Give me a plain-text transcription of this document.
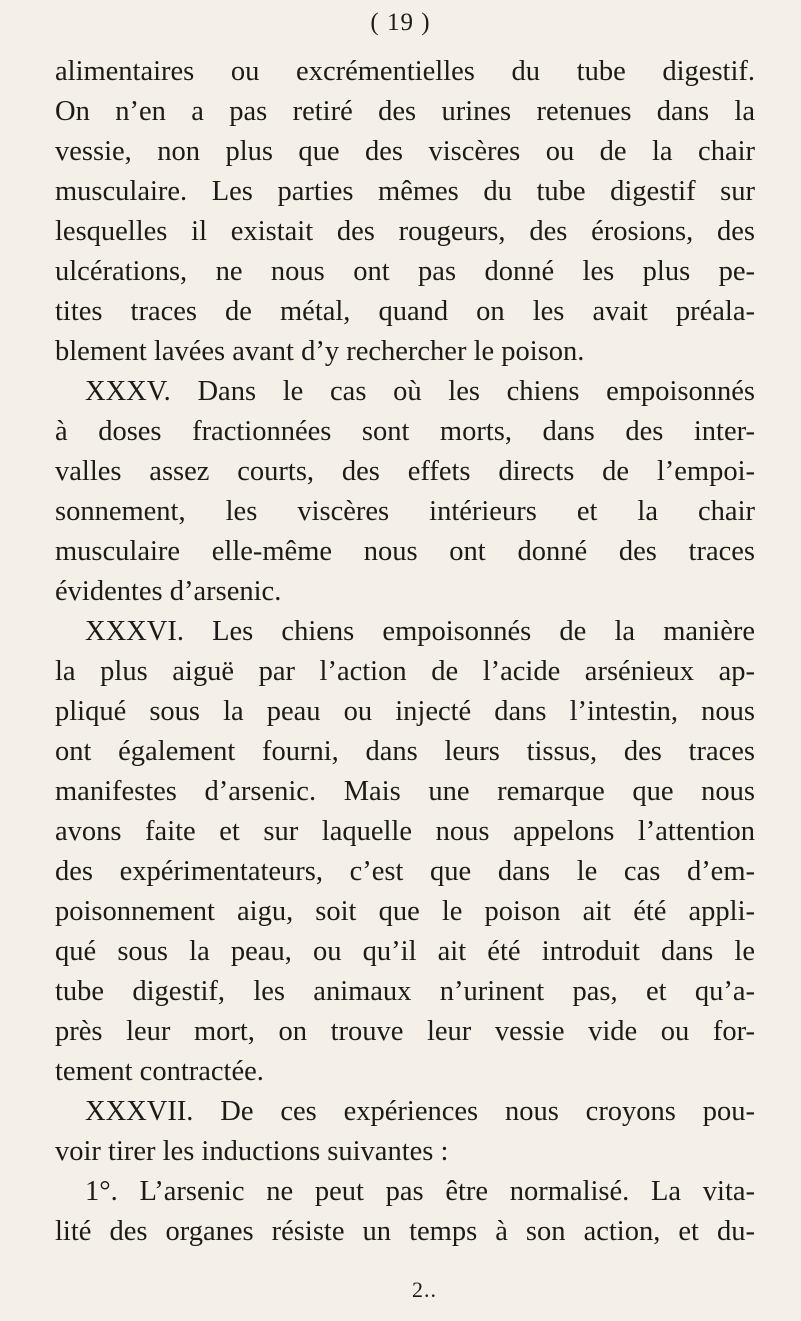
( 19 )
alimentaires ou excrémentielles du tube digestif.
On n’en a pas retiré des urines retenues dans la
vessie, non plus que des viscères ou de la chair
musculaire. Les parties mêmes du tube digestif sur
lesquelles il existait des rougeurs, des érosions, des
ulcérations, ne nous ont pas donné les plus pe-
tites traces de métal, quand on les avait préala-
blement lavées avant d’y rechercher le poison.
XXXV. Dans le cas où les chiens empoisonnés
à doses fractionnées sont morts, dans des inter-
valles assez courts, des effets directs de l’empoi-
sonnement, les viscères intérieurs et la chair
musculaire elle-même nous ont donné des traces
évidentes d’arsenic.
XXXVI. Les chiens empoisonnés de la manière
la plus aiguë par l’action de l’acide arsénieux ap-
pliqué sous la peau ou injecté dans l’intestin, nous
ont également fourni, dans leurs tissus, des traces
manifestes d’arsenic. Mais une remarque que nous
avons faite et sur laquelle nous appelons l’attention
des expérimentateurs, c’est que dans le cas d’em-
poisonnement aigu, soit que le poison ait été appli-
qué sous la peau, ou qu’il ait été introduit dans le
tube digestif, les animaux n’urinent pas, et qu’a-
près leur mort, on trouve leur vessie vide ou for-
tement contractée.
XXXVII. De ces expériences nous croyons pou-
voir tirer les inductions suivantes :
1°. L’arsenic ne peut pas être normalisé. La vita-
lité des organes résiste un temps à son action, et du-
2..
